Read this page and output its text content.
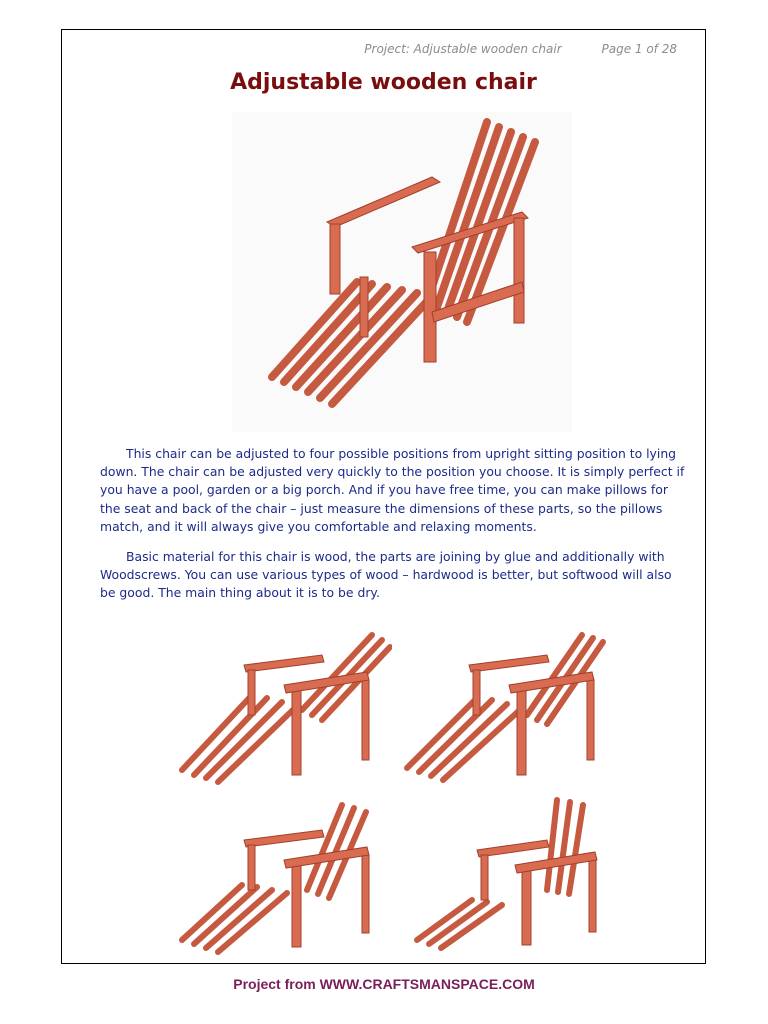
Project: Adjustable wooden chair	Page 1 of 28
Adjustable wooden chair

This chair can be adjusted to four possible positions from upright sitting position to lying down. The chair can be adjusted very quickly to the position you choose. It is simply perfect if you have a pool, garden or a big porch. And if you have free time, you can make pillows for the seat and back of the chair – just measure the dimensions of these parts, so the pillows match, and it will always give you comfortable and relaxing moments.

Basic material for this chair is wood, the parts are joining by glue and additionally with Woodscrews. You can use various types of wood – hardwood is better, but softwood will also be good. The main thing about it is to be dry.

Project from WWW.CRAFTSMANSPACE.COM
